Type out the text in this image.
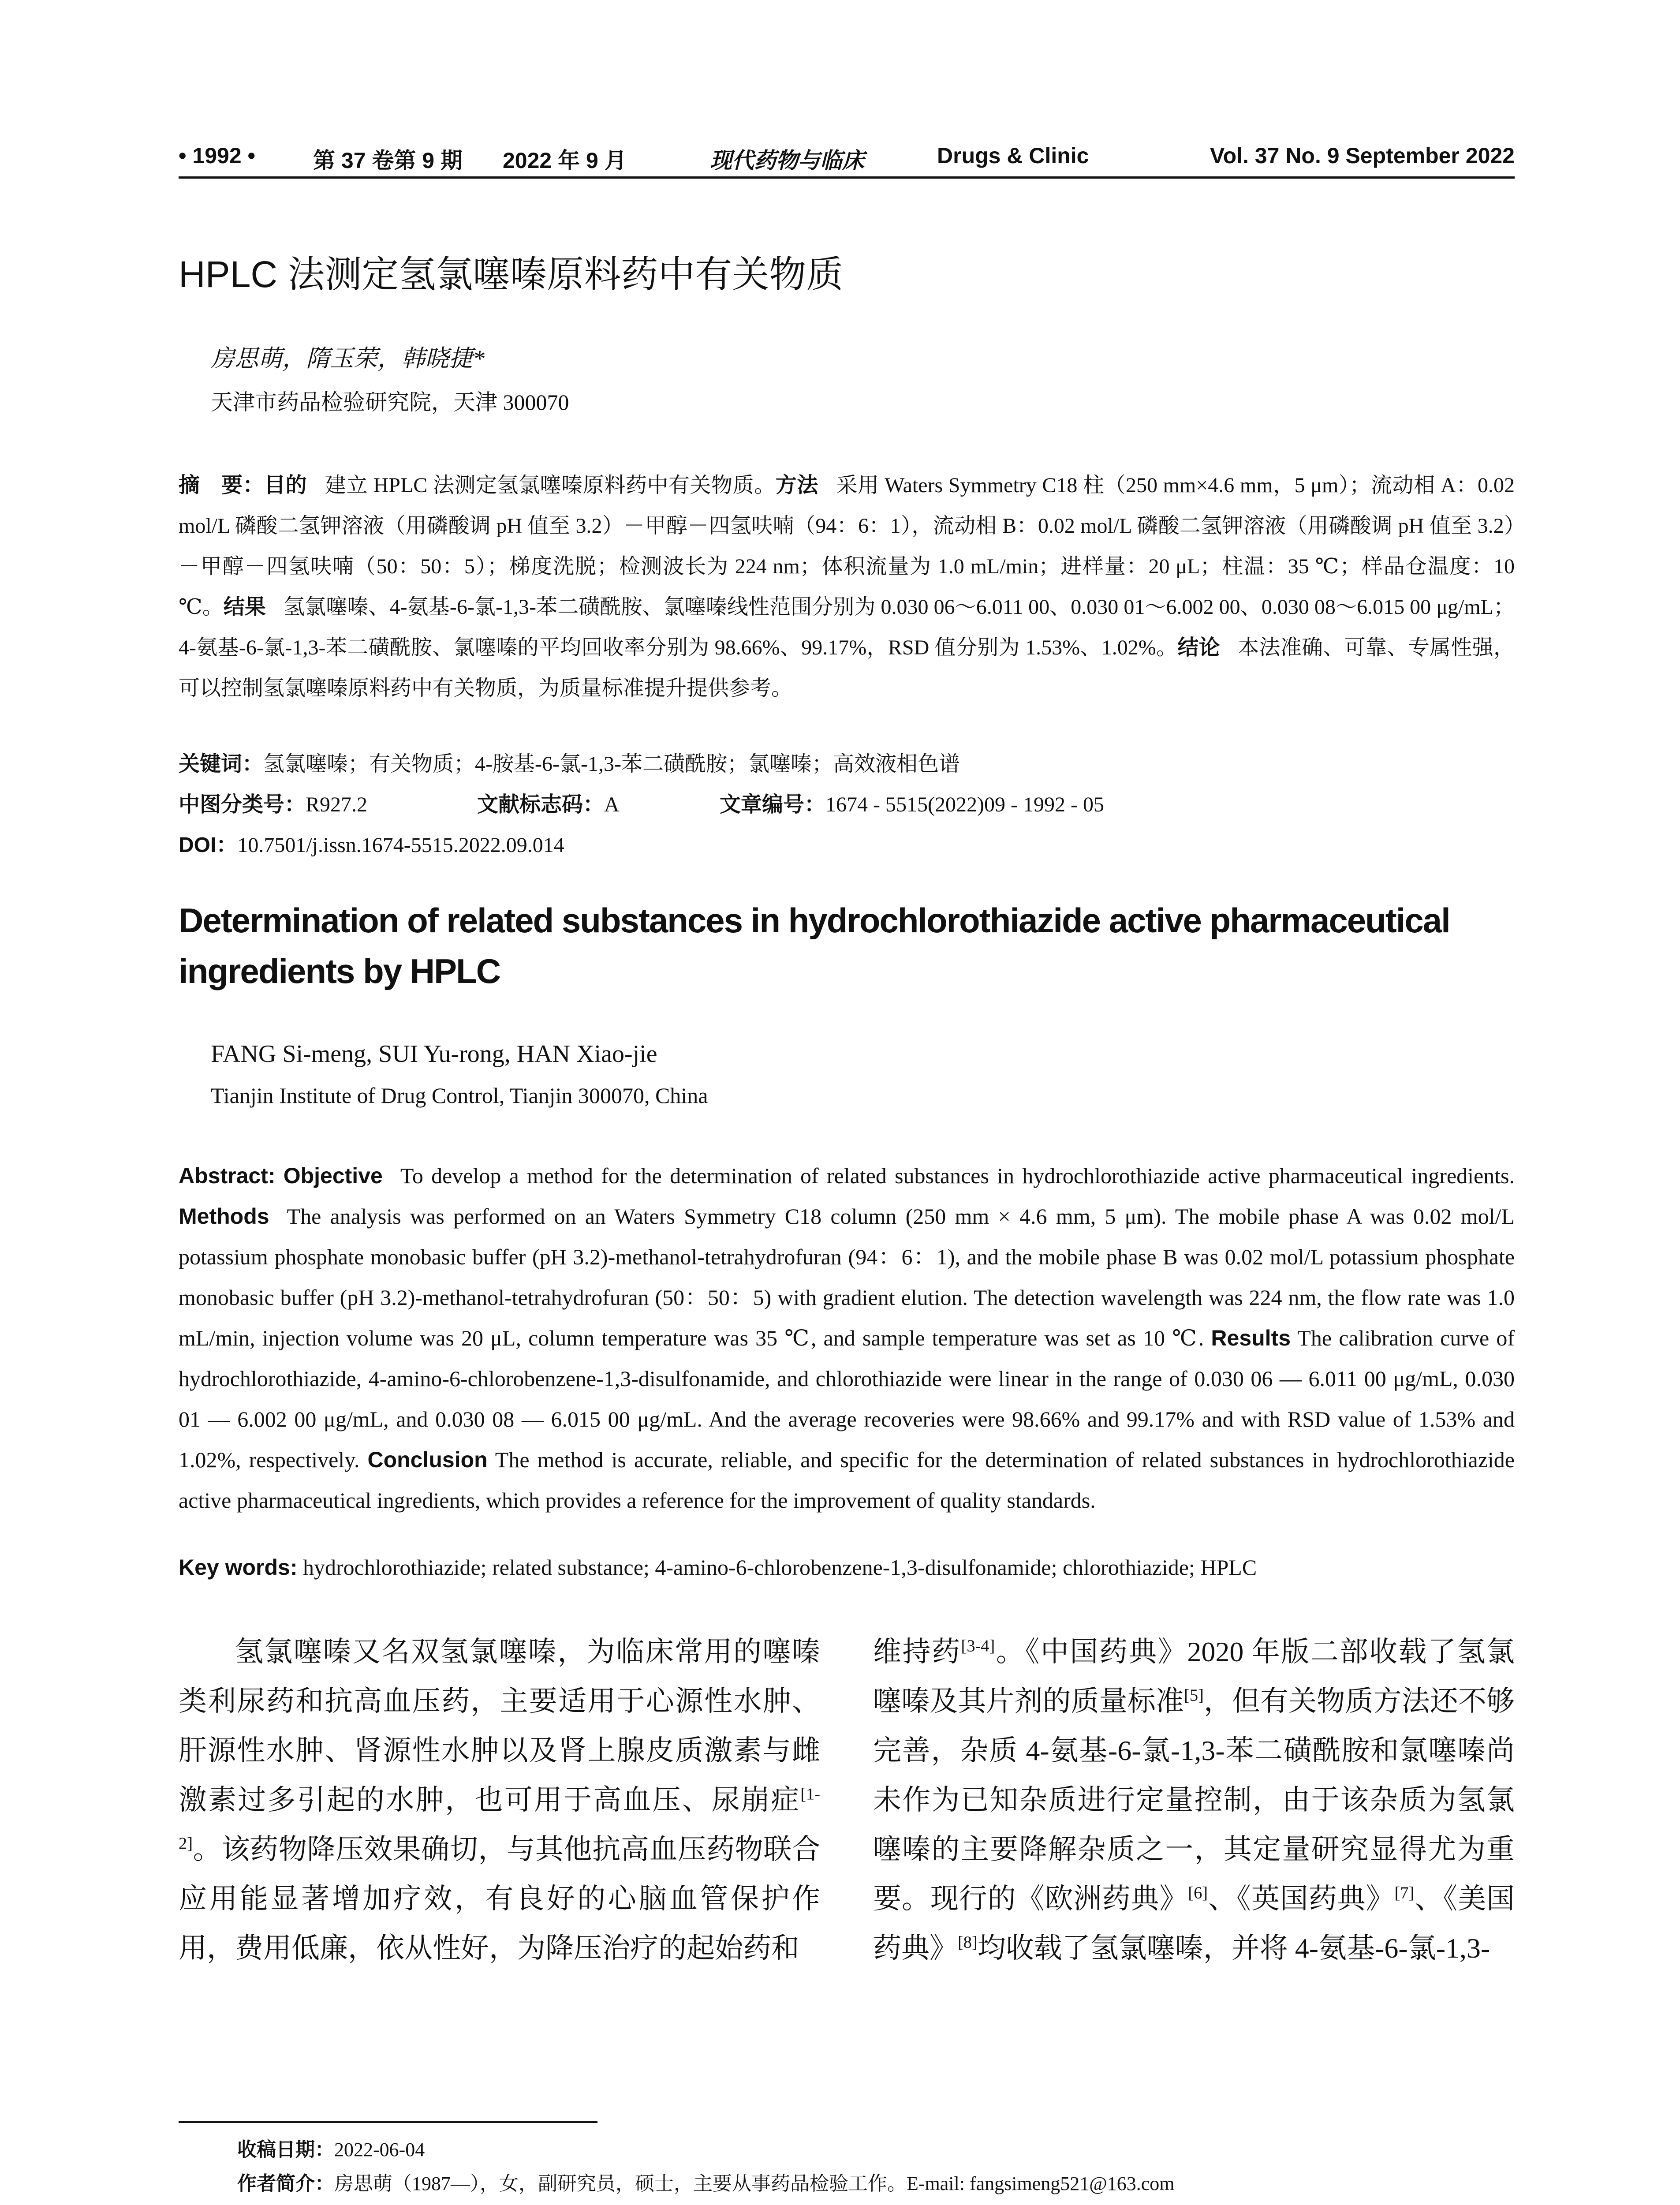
• 1992 •	第 37 卷第 9 期 2022 年 9 月	现代药物与临床	Drugs & Clinic	Vol. 37 No. 9 September 2022
HPLC 法测定氢氯噻嗪原料药中有关物质
房思萌，隋玉荣，韩晓捷*
天津市药品检验研究院，天津 300070
摘　要：目的 建立 HPLC 法测定氢氯噻嗪原料药中有关物质。方法 采用 Waters Symmetry C18 柱（250 mm×4.6 mm，5 μm）；流动相 A：0.02 mol/L 磷酸二氢钾溶液（用磷酸调 pH 值至 3.2）－甲醇－四氢呋喃（94：6：1），流动相 B：0.02 mol/L 磷酸二氢钾溶液（用磷酸调 pH 值至 3.2）－甲醇－四氢呋喃（50：50：5）；梯度洗脱；检测波长为 224 nm；体积流量为 1.0 mL/min；进样量：20 μL；柱温：35 ℃；样品仓温度：10 ℃。结果 氢氯噻嗪、4-氨基-6-氯-1,3-苯二磺酰胺、氯噻嗪线性范围分别为 0.030 06～6.011 00、0.030 01～6.002 00、0.030 08～6.015 00 μg/mL；4-氨基-6-氯-1,3-苯二磺酰胺、氯噻嗪的平均回收率分别为 98.66%、99.17%，RSD 值分别为 1.53%、1.02%。结论 本法准确、可靠、专属性强，可以控制氢氯噻嗪原料药中有关物质，为质量标准提升提供参考。
关键词：氢氯噻嗪；有关物质；4-胺基-6-氯-1,3-苯二磺酰胺；氯噻嗪；高效液相色谱
中图分类号：R927.2	文献标志码：A	文章编号：1674 - 5515(2022)09 - 1992 - 05
DOI：10.7501/j.issn.1674-5515.2022.09.014
Determination of related substances in hydrochlorothiazide active pharmaceutical ingredients by HPLC
FANG Si-meng, SUI Yu-rong, HAN Xiao-jie
Tianjin Institute of Drug Control, Tianjin 300070, China
Abstract: Objective To develop a method for the determination of related substances in hydrochlorothiazide active pharmaceutical ingredients. Methods The analysis was performed on an Waters Symmetry C18 column (250 mm × 4.6 mm, 5 μm). The mobile phase A was 0.02 mol/L potassium phosphate monobasic buffer (pH 3.2)-methanol-tetrahydrofuran (94：6：1), and the mobile phase B was 0.02 mol/L potassium phosphate monobasic buffer (pH 3.2)-methanol-tetrahydrofuran (50：50：5) with gradient elution. The detection wavelength was 224 nm, the flow rate was 1.0 mL/min, injection volume was 20 μL, column temperature was 35 ℃, and sample temperature was set as 10 ℃. Results The calibration curve of hydrochlorothiazide, 4-amino-6-chlorobenzene-1,3-disulfonamide, and chlorothiazide were linear in the range of 0.030 06 — 6.011 00 μg/mL, 0.030 01 — 6.002 00 μg/mL, and 0.030 08 — 6.015 00 μg/mL. And the average recoveries were 98.66% and 99.17% and with RSD value of 1.53% and 1.02%, respectively. Conclusion The method is accurate, reliable, and specific for the determination of related substances in hydrochlorothiazide active pharmaceutical ingredients, which provides a reference for the improvement of quality standards.
Key words: hydrochlorothiazide; related substance; 4-amino-6-chlorobenzene-1,3-disulfonamide; chlorothiazide; HPLC
氢氯噻嗪又名双氢氯噻嗪，为临床常用的噻嗪类利尿药和抗高血压药，主要适用于心源性水肿、肝源性水肿、肾源性水肿以及肾上腺皮质激素与雌激素过多引起的水肿，也可用于高血压、尿崩症[1-2]。该药物降压效果确切，与其他抗高血压药物联合应用能显著增加疗效，有良好的心脑血管保护作用，费用低廉，依从性好，为降压治疗的起始药和
维持药[3-4]。《中国药典》2020 年版二部收载了氢氯噻嗪及其片剂的质量标准[5]，但有关物质方法还不够完善，杂质 4-氨基-6-氯-1,3-苯二磺酰胺和氯噻嗪尚未作为已知杂质进行定量控制，由于该杂质为氢氯噻嗪的主要降解杂质之一，其定量研究显得尤为重要。现行的《欧洲药典》[6]、《英国药典》[7]、《美国药典》[8]均收载了氢氯噻嗪，并将 4-氨基-6-氯-1,3-
收稿日期：2022-06-04
作者简介：房思萌（1987—），女，副研究员，硕士，主要从事药品检验工作。E-mail: fangsimeng521@163.com
